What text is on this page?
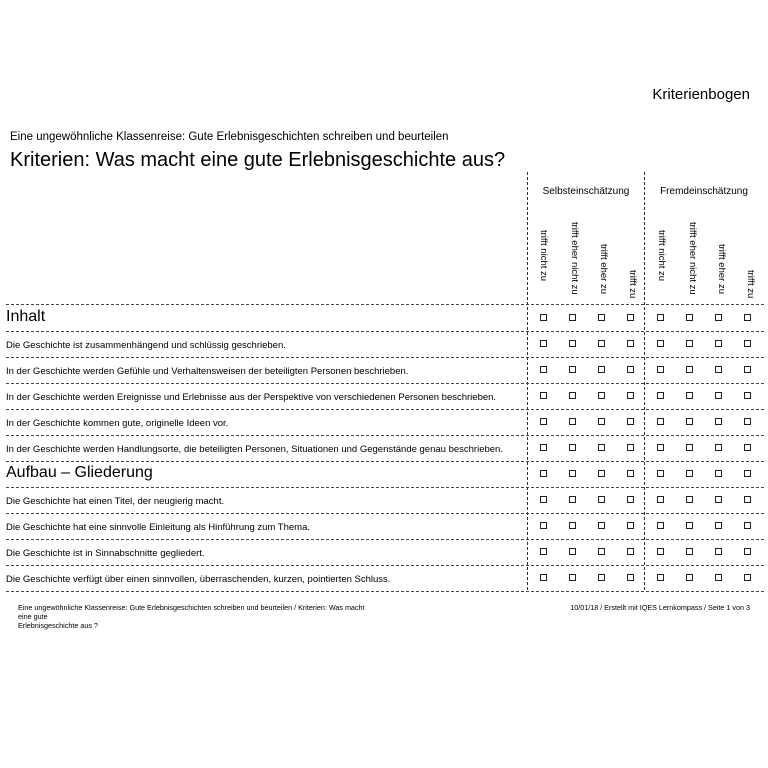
Kriterienbogen
Eine ungewöhnliche Klassenreise: Gute Erlebnisgeschichten schreiben und beurteilen
Kriterien: Was macht eine gute Erlebnisgeschichte aus?
Selbsteinschätzung	Fremdeinschätzung
trifft nicht zu trifft eher nicht zu trifft eher zu trifft zu
trifft nicht zu trifft eher nicht zu trifft eher zu trifft zu
Inhalt
Die Geschichte ist zusammenhängend und schlüssig geschrieben.
In der Geschichte werden Gefühle und Verhaltensweisen der beteiligten Personen beschrieben.
In der Geschichte werden Ereignisse und Erlebnisse aus der Perspektive von verschiedenen Personen beschrieben.
In der Geschichte kommen gute, originelle Ideen vor.
In der Geschichte werden Handlungsorte, die beteiligten Personen, Situationen und Gegenstände genau beschrieben.
Aufbau – Gliederung
Die Geschichte hat einen Titel, der neugierig macht.
Die Geschichte hat eine sinnvolle Einleitung als Hinführung zum Thema.
Die Geschichte ist in Sinnabschnitte gegliedert.
Die Geschichte verfügt über einen sinnvollen, überraschenden, kurzen, pointierten Schluss.
Eine ungewöhnliche Klassenreise: Gute Erlebnisgeschichten schreiben und beurteilen / Kriterien: Was macht eine gute
Erlebnisgeschichte aus ?
10/01/18 / Erstellt mit IQES Lernkompass / Seite 1 von 3
